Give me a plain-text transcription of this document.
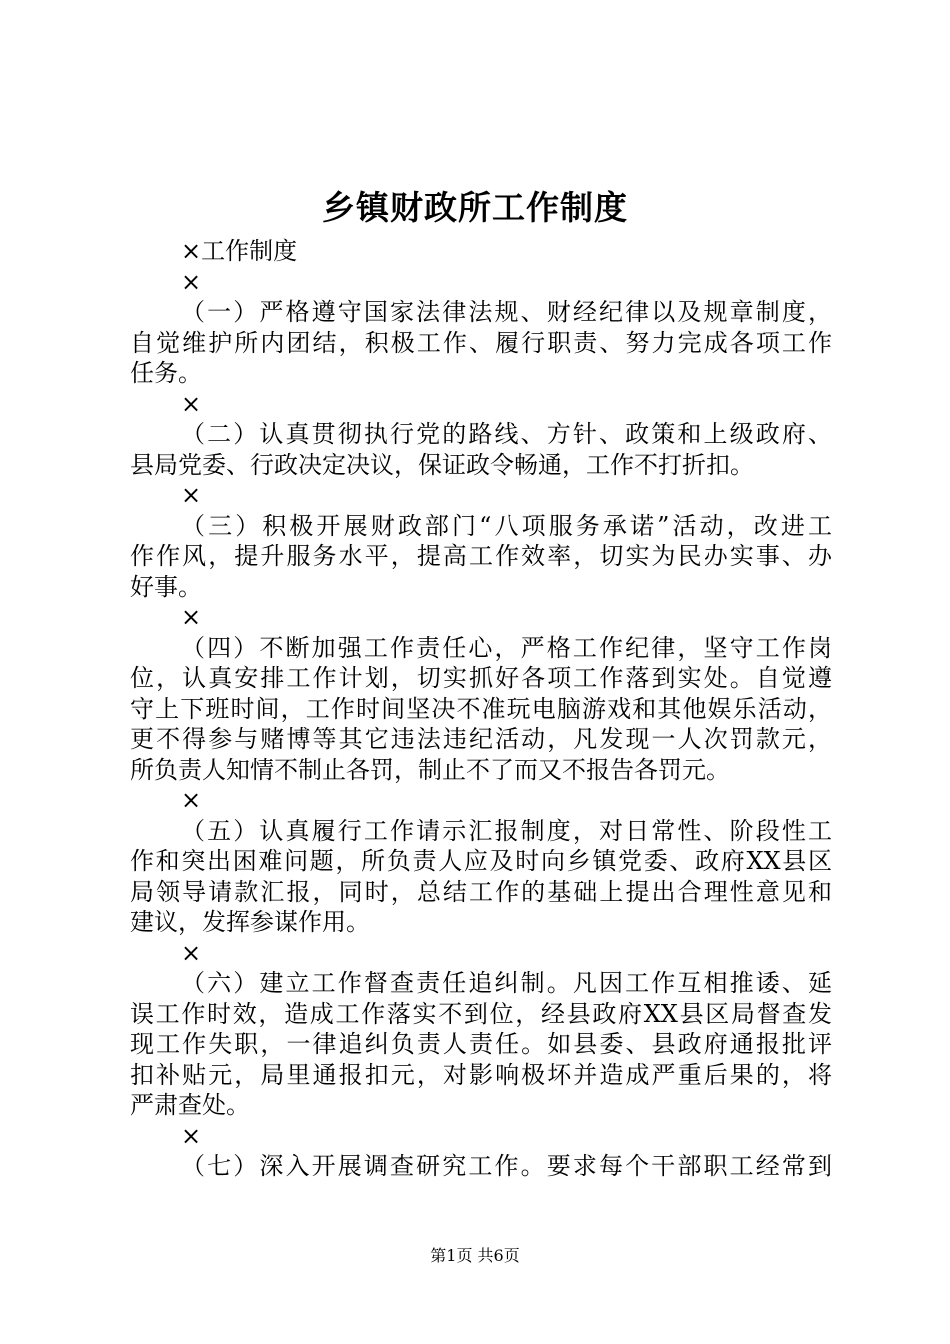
乡镇财政所工作制度
×工作制度
×
（一）严格遵守国家法律法规、财经纪律以及规章制度，
自觉维护所内团结，积极工作、履行职责、努力完成各项工作
任务。
×
（二）认真贯彻执行党的路线、方针、政策和上级政府、
县局党委、行政决定决议，保证政令畅通，工作不打折扣。
×
（三）积极开展财政部门“八项服务承诺”活动，改进工
作作风，提升服务水平，提高工作效率，切实为民办实事、办
好事。
×
（四）不断加强工作责任心，严格工作纪律，坚守工作岗
位，认真安排工作计划，切实抓好各项工作落到实处。自觉遵
守上下班时间，工作时间坚决不准玩电脑游戏和其他娱乐活动，
更不得参与赌博等其它违法违纪活动，凡发现一人次罚款元，
所负责人知情不制止各罚，制止不了而又不报告各罚元。
×
（五）认真履行工作请示汇报制度，对日常性、阶段性工
作和突出困难问题，所负责人应及时向乡镇党委、政府XX县区
局领导请款汇报，同时，总结工作的基础上提出合理性意见和
建议，发挥参谋作用。
×
（六）建立工作督查责任追纠制。凡因工作互相推诿、延
误工作时效，造成工作落实不到位，经县政府XX县区局督查发
现工作失职，一律追纠负责人责任。如县委、县政府通报批评
扣补贴元，局里通报扣元，对影响极坏并造成严重后果的，将
严肃查处。
×
（七）深入开展调查研究工作。要求每个干部职工经常到
第1页 共6页
